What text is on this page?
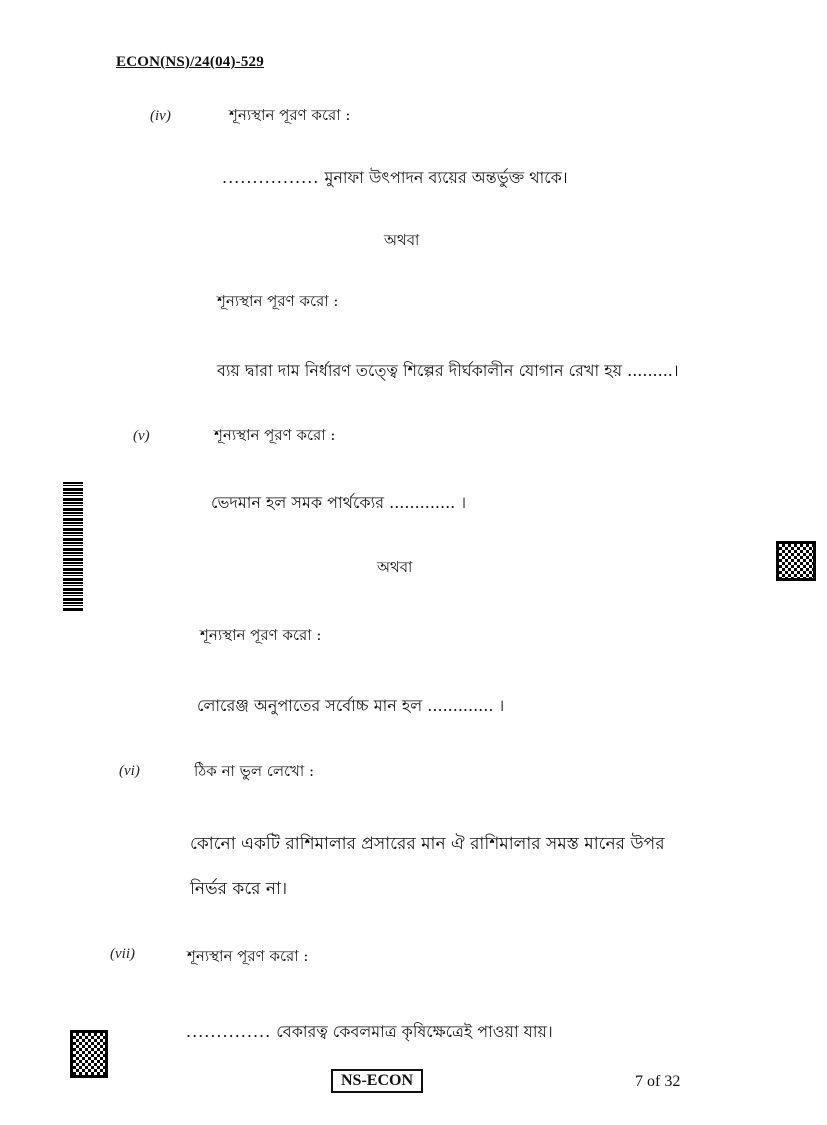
ECON(NS)/24(04)-529
(iv)	শূন্যস্থান পূরণ করো :
................ মুনাফা উৎপাদন ব্যয়ের অন্তর্ভুক্ত থাকে।
অথবা
শূন্যস্থান পূরণ করো :
ব্যয় দ্বারা দাম নির্ধারণ তত্ত্বে শিল্পের দীর্ঘকালীন যোগান রেখা হয় .........।
(v)	শূন্যস্থান পূরণ করো :
ভেদমান হল সমক পার্থক্যের ............. ।
অথবা
শূন্যস্থান পূরণ করো :
লোরেঞ্জ অনুপাতের সর্বোচ্চ মান হল ............. ।
(vi)	ঠিক না ভুল লেখো :
কোনো একটি রাশিমালার প্রসারের মান ঐ রাশিমালার সমস্ত মানের উপর
নির্ভর করে না।
(vii)	শূন্যস্থান পূরণ করো :
.............. বেকারত্ব কেবলমাত্র কৃষিক্ষেত্রেই পাওয়া যায়।
NS-ECON	7 of 32
